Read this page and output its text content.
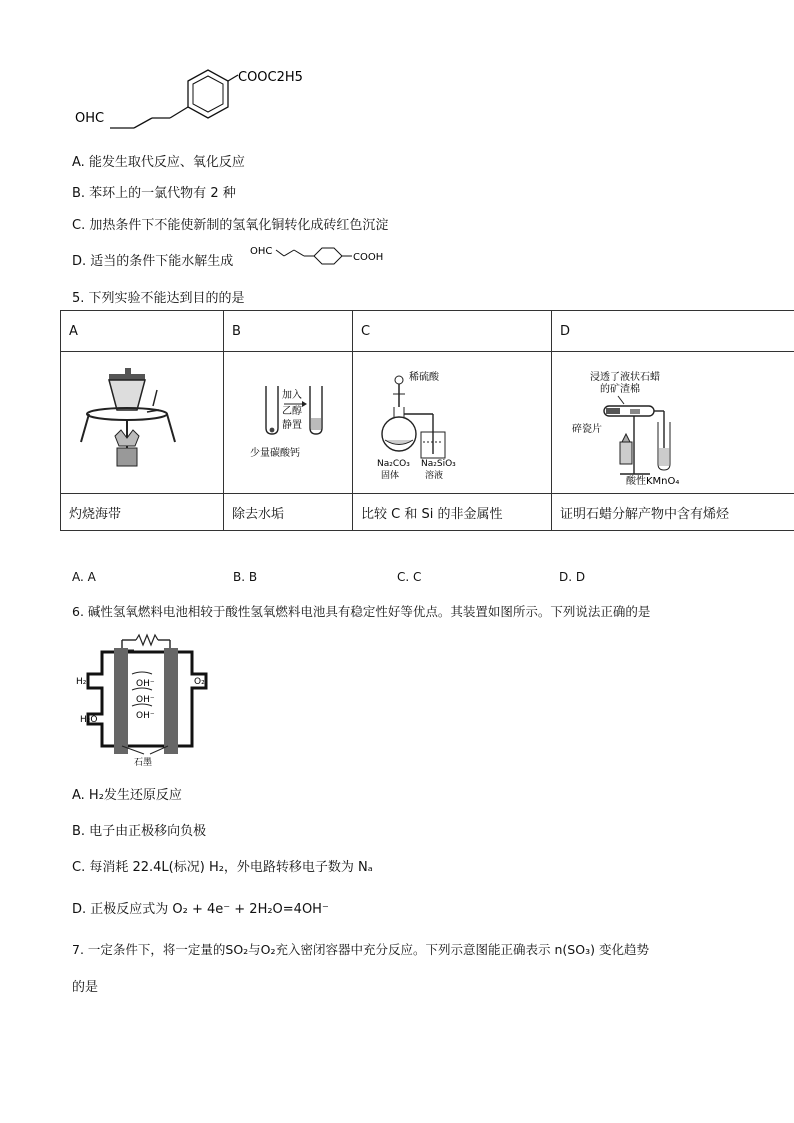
COOC2H5
OHC
A. 能发生取代反应、氧化反应
B. 苯环上的一氯代物有 2 种
C. 加热条件下不能使新制的氢氧化铜转化成砖红色沉淀
D. 适当的条件下能水解生成
OHC
COOH
5. 下列实验不能达到目的的是
A	B	C	D

加入
乙醇
静置
少量碳酸钙	稀硫酸
Na₂CO₃
固体
Na₂SiO₃
溶液	浸透了液状石蜡
的矿渣棉
碎瓷片
酸性KMnO₄

灼烧海带	除去水垢	比较 C 和 Si 的非金属性	证明石蜡分解产物中含有烯烃
A. A	B. B	C. C	D. D
6. 碱性氢氧燃料电池相较于酸性氢氧燃料电池具有稳定性好等优点。其装置如图所示。下列说法正确的是
H₂	O₂
H₂O
OH⁻
OH⁻
OH⁻
石墨
A. H₂发生还原反应
B. 电子由正极移向负极
C. 每消耗 22.4L(标况) H₂，外电路转移电子数为 Nₐ
D. 正极反应式为 O₂ + 4e⁻ + 2H₂O=4OH⁻
7. 一定条件下，将一定量的SO₂与O₂充入密闭容器中充分反应。下列示意图能正确表示 n(SO₃) 变化趋势
的是
